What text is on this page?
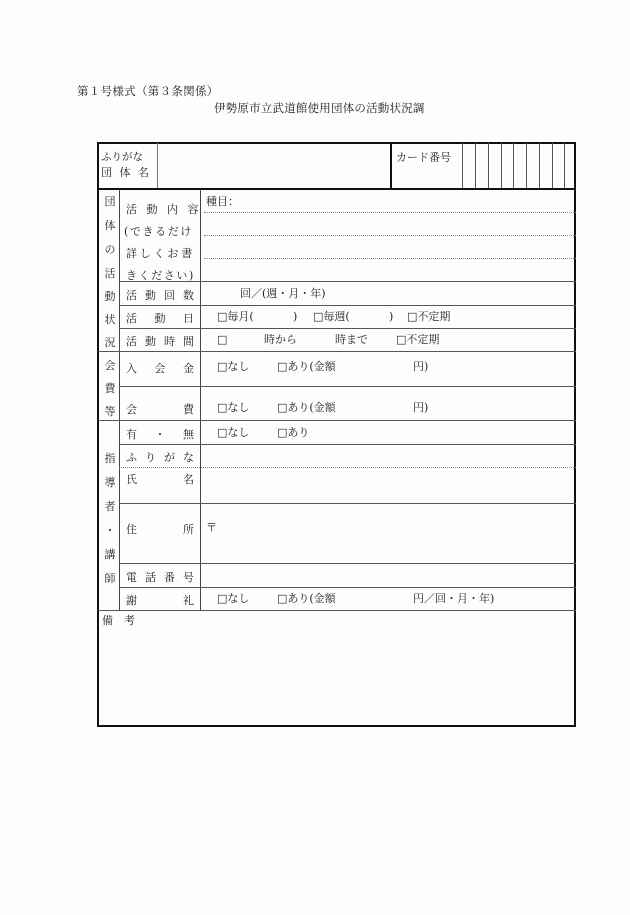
第１号様式（第３条関係）
伊勢原市立武道館使用団体の活動状況調
ふりがな
団 体 名
カード番号
団
体
の
活
動
状
況
活 動 内 容
(できるだけ
詳しくお書
きください)
種目：
活 動 回 数	回／(週・月・年)
活 動 日 □毎月(	) □毎週(	) □不定期
活 動 時 間 □	時から	時まで	□不定期
会
費
等
入 会 金 □なし	□あり(金額	円)
会	費 □なし	□あり(金額	円)
指
導
者
・
講
師
有 ・ 無 □なし	□あり
ふ り が な
氏	名
住	所 〒
電 話 番 号
謝	礼 □なし	□あり(金額	円／回・月・年)
備　考
